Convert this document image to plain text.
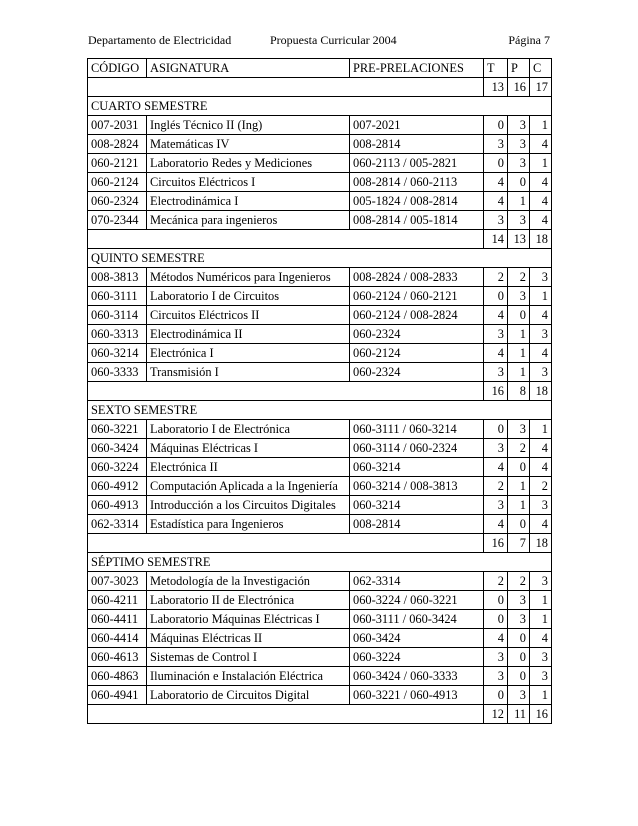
Departamento de Electricidad	Propuesta Curricular 2004	Página 7
CÓDIGO	ASIGNATURA	PRE-PRELACIONES	T	P	C
			13	16	17
CUARTO SEMESTRE					
007-2031	Inglés Técnico II (Ing)	007-2021	0	3	1
008-2824	Matemáticas IV	008-2814	3	3	4
060-2121	Laboratorio Redes y Mediciones	060-2113 / 005-2821	0	3	1
060-2124	Circuitos Eléctricos I	008-2814 / 060-2113	4	0	4
060-2324	Electrodinámica I	005-1824 / 008-2814	4	1	4
070-2344	Mecánica para ingenieros	008-2814 / 005-1814	3	3	4
			14	13	18
QUINTO SEMESTRE					
008-3813	Métodos Numéricos para Ingenieros	008-2824 / 008-2833	2	2	3
060-3111	Laboratorio I de Circuitos	060-2124 / 060-2121	0	3	1
060-3114	Circuitos Eléctricos II	060-2124 / 008-2824	4	0	4
060-3313	Electrodinámica II	060-2324	3	1	3
060-3214	Electrónica I	060-2124	4	1	4
060-3333	Transmisión I	060-2324	3	1	3
			16	8	18
SEXTO SEMESTRE					
060-3221	Laboratorio I de Electrónica	060-3111 / 060-3214	0	3	1
060-3424	Máquinas Eléctricas I	060-3114 / 060-2324	3	2	4
060-3224	Electrónica II	060-3214	4	0	4
060-4912	Computación Aplicada a la Ingeniería	060-3214 / 008-3813	2	1	2
060-4913	Introducción a los Circuitos Digitales	060-3214	3	1	3
062-3314	Estadística para Ingenieros	008-2814	4	0	4
			16	7	18
SÉPTIMO SEMESTRE					
007-3023	Metodología de la Investigación	062-3314	2	2	3
060-4211	Laboratorio II de Electrónica	060-3224 / 060-3221	0	3	1
060-4411	Laboratorio Máquinas Eléctricas I	060-3111 / 060-3424	0	3	1
060-4414	Máquinas Eléctricas II	060-3424	4	0	4
060-4613	Sistemas de Control I	060-3224	3	0	3
060-4863	Iluminación e Instalación Eléctrica	060-3424 / 060-3333	3	0	3
060-4941	Laboratorio de Circuitos Digital	060-3221 / 060-4913	0	3	1
			12	11	16
